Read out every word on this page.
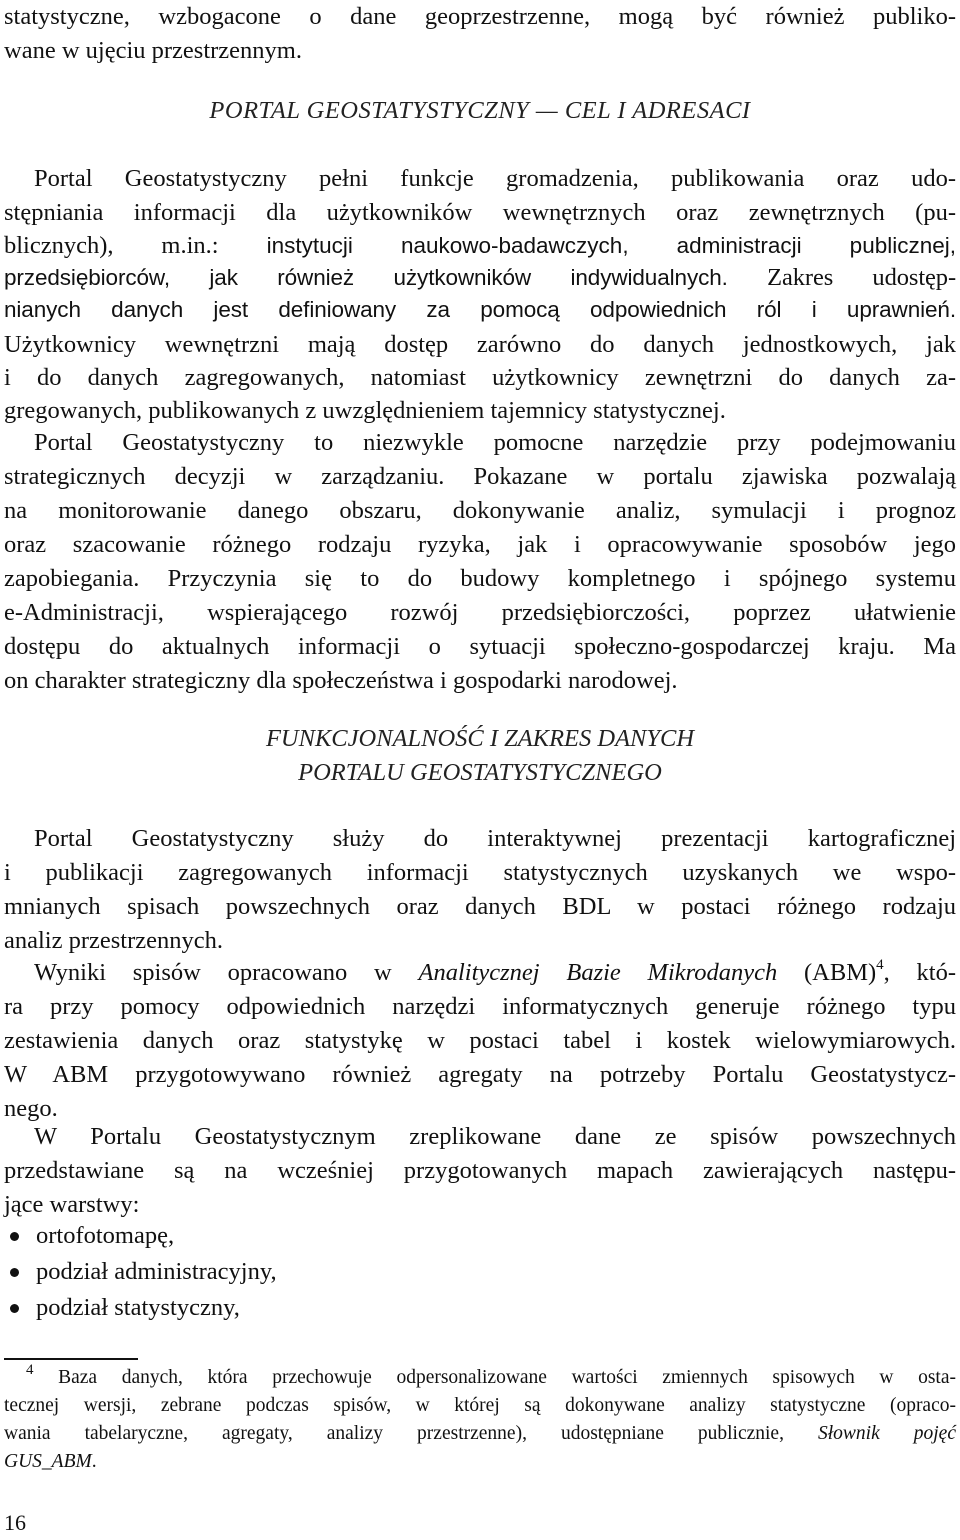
statystyczne, wzbogacone o dane geoprzestrzenne, mogą być również publiko-
wane w ujęciu przestrzennym.
PORTAL GEOSTATYSTYCZNY — CEL I ADRESACI
Portal Geostatystyczny pełni funkcje gromadzenia, publikowania oraz udo-
stępniania informacji dla użytkowników wewnętrznych oraz zewnętrznych (pu-
blicznych), m.in.: instytucji naukowo-badawczych, administracji publicznej,
przedsiębiorców, jak również użytkowników indywidualnych. Zakres udostęp-
nianych danych jest definiowany za pomocą odpowiednich ról i uprawnień.
Użytkownicy wewnętrzni mają dostęp zarówno do danych jednostkowych, jak
i do danych zagregowanych, natomiast użytkownicy zewnętrzni do danych za-
gregowanych, publikowanych z uwzględnieniem tajemnicy statystycznej.
Portal Geostatystyczny to niezwykle pomocne narzędzie przy podejmowaniu
strategicznych decyzji w zarządzaniu. Pokazane w portalu zjawiska pozwalają
na monitorowanie danego obszaru, dokonywanie analiz, symulacji i prognoz
oraz szacowanie różnego rodzaju ryzyka, jak i opracowywanie sposobów jego
zapobiegania. Przyczynia się to do budowy kompletnego i spójnego systemu
e-Administracji, wspierającego rozwój przedsiębiorczości, poprzez ułatwienie
dostępu do aktualnych informacji o sytuacji społeczno-gospodarczej kraju. Ma
on charakter strategiczny dla społeczeństwa i gospodarki narodowej.
FUNKCJONALNOŚĆ I ZAKRES DANYCH
PORTALU GEOSTATYSTYCZNEGO
Portal Geostatystyczny służy do interaktywnej prezentacji kartograficznej
i publikacji zagregowanych informacji statystycznych uzyskanych we wspo-
mnianych spisach powszechnych oraz danych BDL w postaci różnego rodzaju
analiz przestrzennych.
Wyniki spisów opracowano w Analitycznej Bazie Mikrodanych (ABM)$^4$, któ-
ra przy pomocy odpowiednich narzędzi informatycznych generuje różnego typu
zestawienia danych oraz statystykę w postaci tabel i kostek wielowymiarowych.
W ABM przygotowywano również agregaty na potrzeby Portalu Geostatystycz-
nego.
W Portalu Geostatystycznym zreplikowane dane ze spisów powszechnych
przedstawiane są na wcześniej przygotowanych mapach zawierających następu-
jące warstwy:
ortofotomapę,
podział administracyjny,
podział statystyczny,
$^4$ Baza danych, która przechowuje odpersonalizowane wartości zmiennych spisowych w osta-
tecznej wersji, zebrane podczas spisów, w której są dokonywane analizy statystyczne (opraco-
wania tabelaryczne, agregaty, analizy przestrzenne), udostępniane publicznie, Słownik pojęć
GUS_ABM.
16
